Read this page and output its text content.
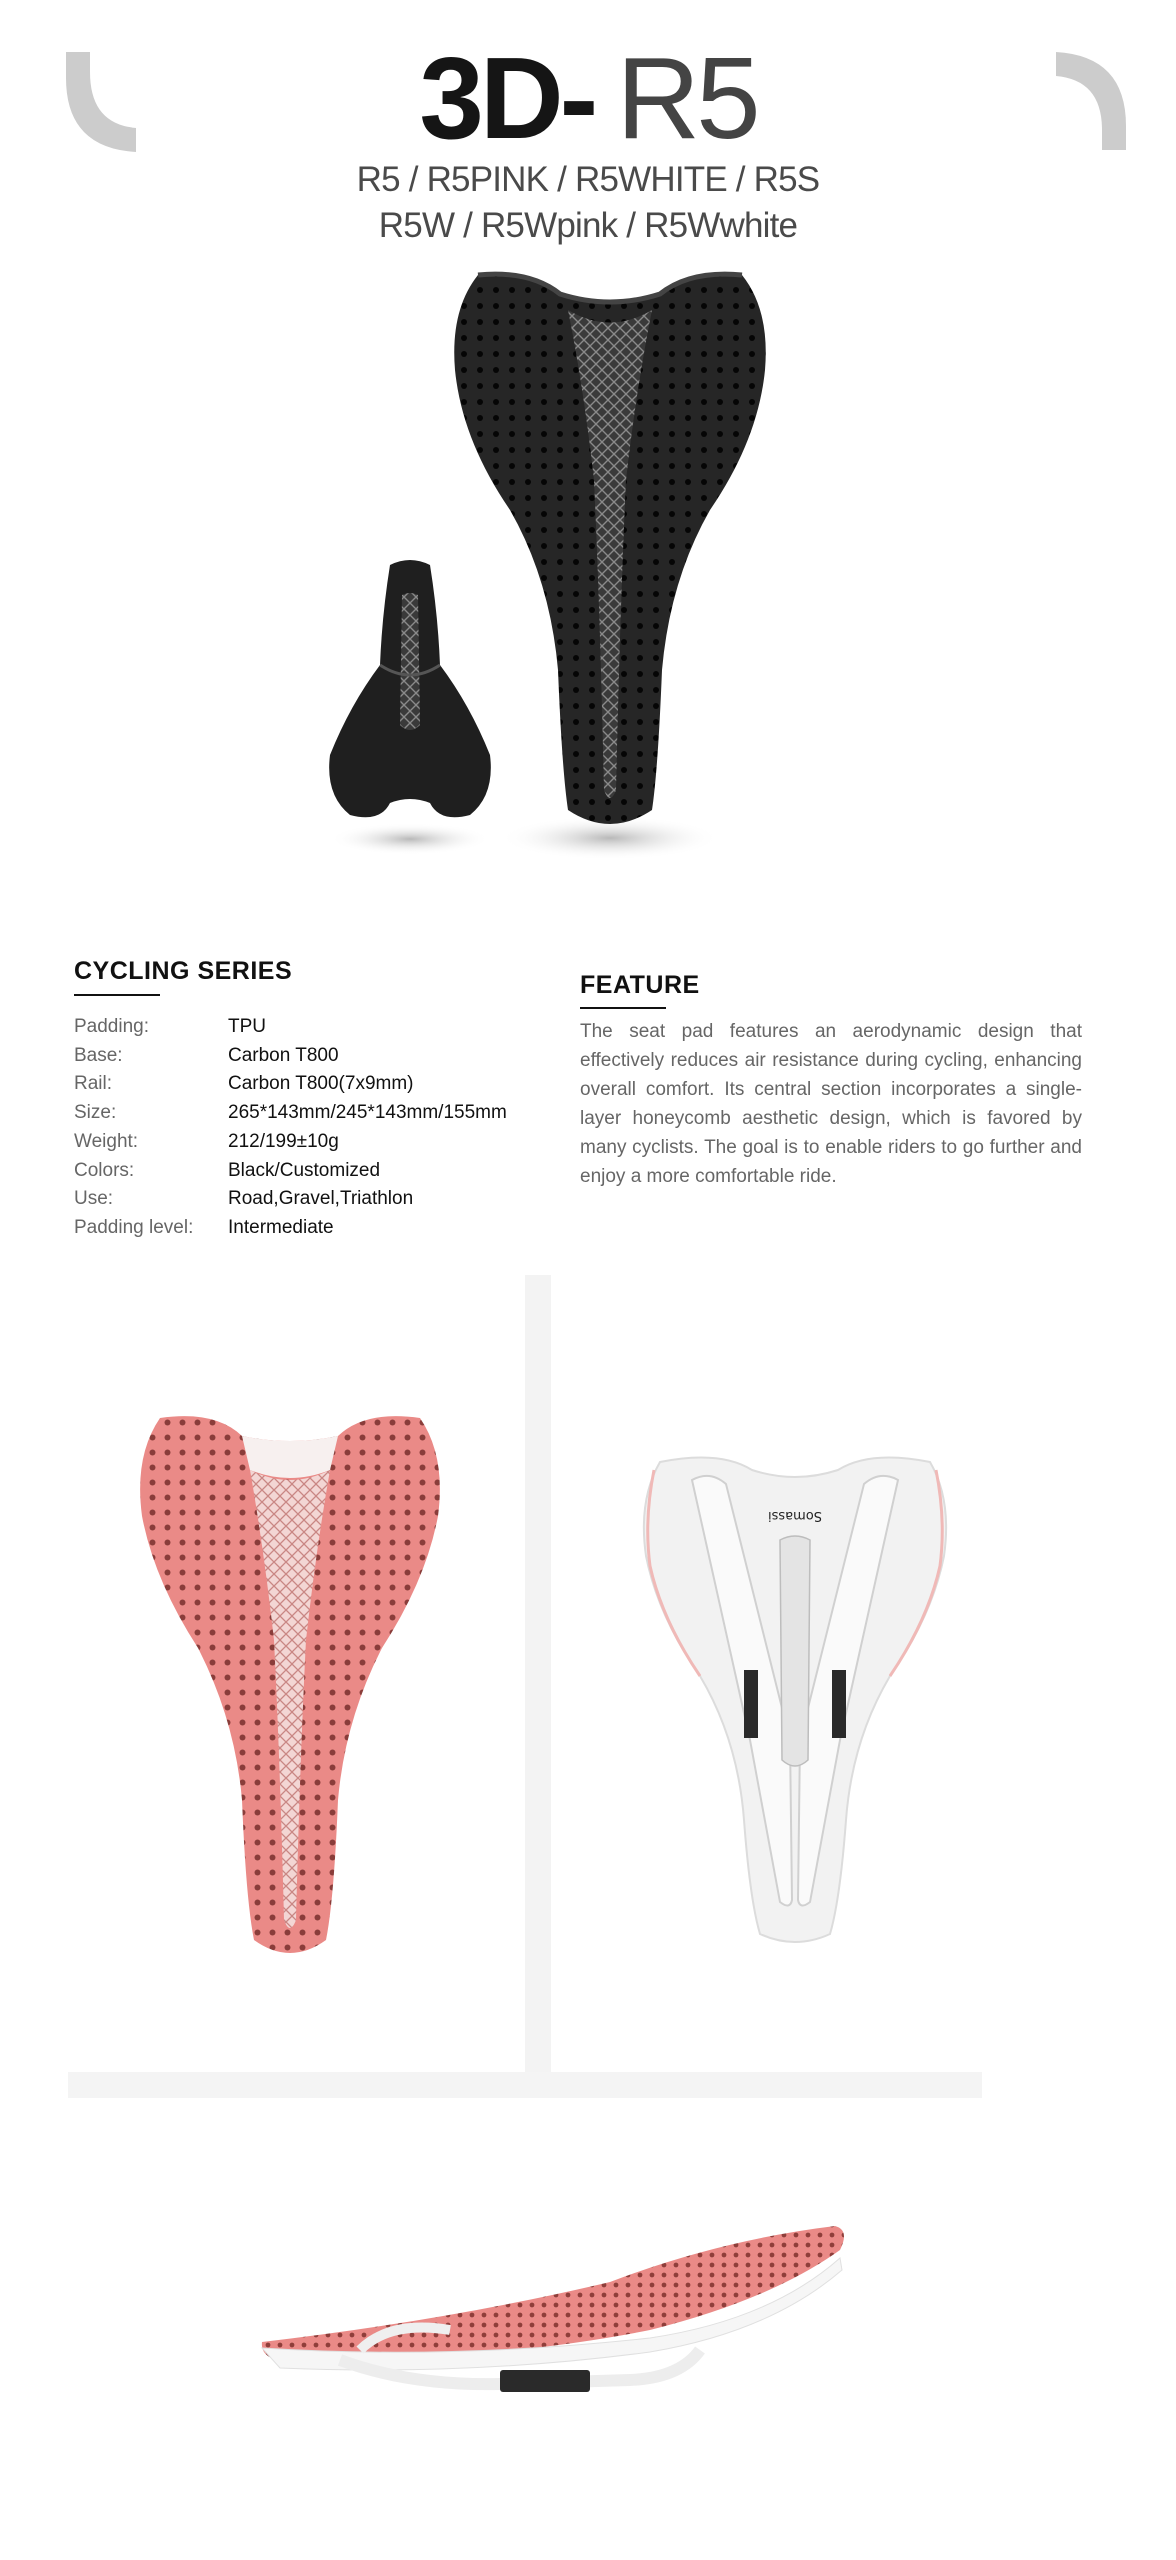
3D- R5
R5 / R5PINK / R5WHITE / R5S
R5W / R5Wpink / R5Wwhite
CYCLING SERIES
Padding:	TPU
Base:	Carbon T800
Rail:	Carbon T800(7x9mm)
Size:	265*143mm/245*143mm/155mm
Weight:	212/199±10g
Colors:	Black/Customized
Use:	Road,Gravel,Triathlon
Padding level: Intermediate
FEATURE
The seat pad features an aerodynamic design that effectively reduces air resistance during cycling, enhancing overall comfort. Its central section incorporates a single-layer honeycomb aesthetic design, which is favored by many cyclists. The goal is to enable riders to go further and enjoy a more comfortable ride.
Somassi
